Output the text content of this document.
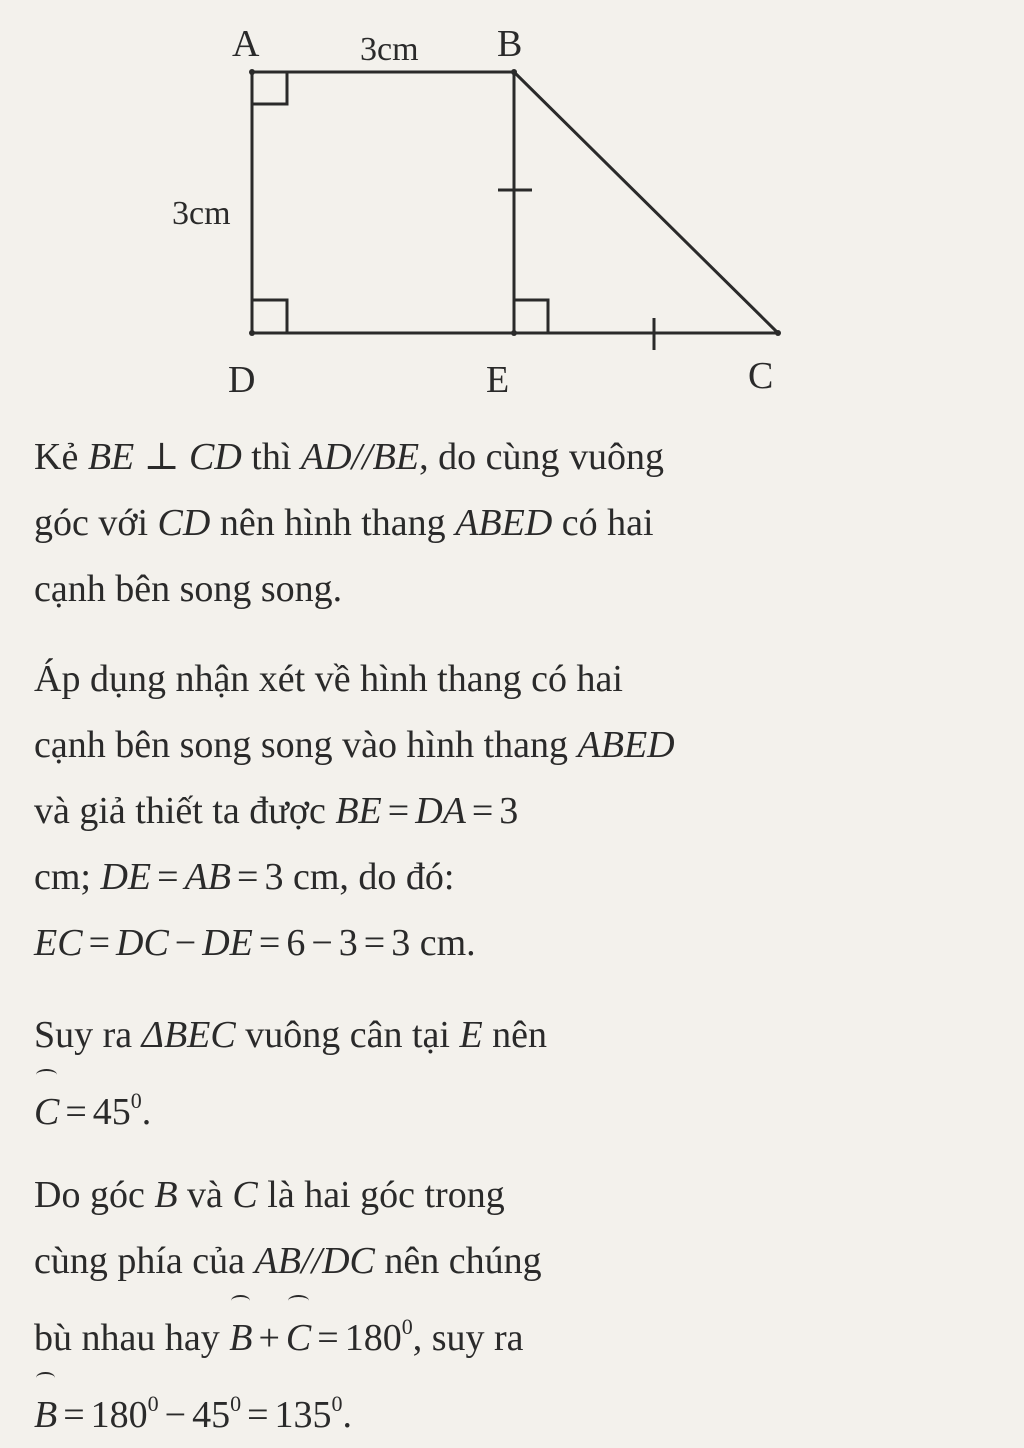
A	B
D	E	C
3cm
3cm
Kẻ BE ⊥ CD thì AD//BE, do cùng vuông
góc với CD nên hình thang ABED có hai
cạnh bên song song.
Áp dụng nhận xét về hình thang có hai
cạnh bên song song vào hình thang ABED
và giả thiết ta được BE = DA = 3
cm; DE = AB = 3 cm, do đó:
EC = DC − DE = 6 − 3 = 3 cm.
Suy ra ΔBEC vuông cân tại E nên
$C = 45^0$.
Do góc B và C là hai góc trong
cùng phía của AB//DC nên chúng
bù nhau hay $B + C = 180^0$, suy ra
$B = 180^0 - 45^0 = 135^0$.
